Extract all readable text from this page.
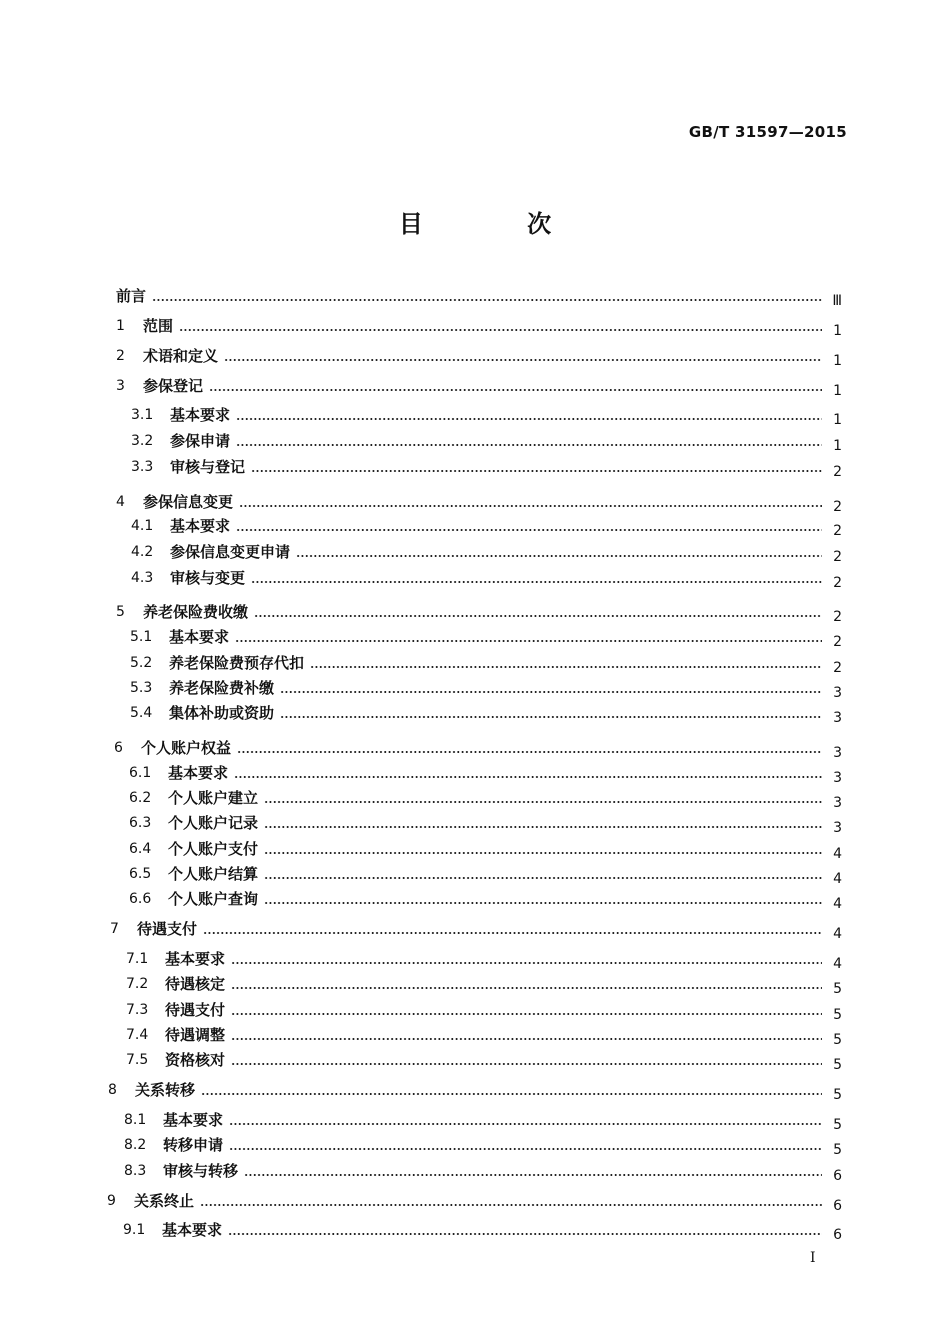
GB/T 31597—2015
目 次
前言	Ⅲ
1	范围	1
2	术语和定义	1
3	参保登记	1
3.1	基本要求	1
3.2	参保申请	1
3.3	审核与登记	2
4	参保信息变更	2
4.1	基本要求	2
4.2	参保信息变更申请	2
4.3	审核与变更	2
5	养老保险费收缴	2
5.1	基本要求	2
5.2	养老保险费预存代扣	2
5.3	养老保险费补缴	3
5.4	集体补助或资助	3
6	个人账户权益	3
6.1	基本要求	3
6.2	个人账户建立	3
6.3	个人账户记录	3
6.4	个人账户支付	4
6.5	个人账户结算	4
6.6	个人账户查询	4
7	待遇支付	4
7.1	基本要求	4
7.2	待遇核定	5
7.3	待遇支付	5
7.4	待遇调整	5
7.5	资格核对	5
8	关系转移	5
8.1	基本要求	5
8.2	转移申请	5
8.3	审核与转移	6
9	关系终止	6
9.1	基本要求	6
I
